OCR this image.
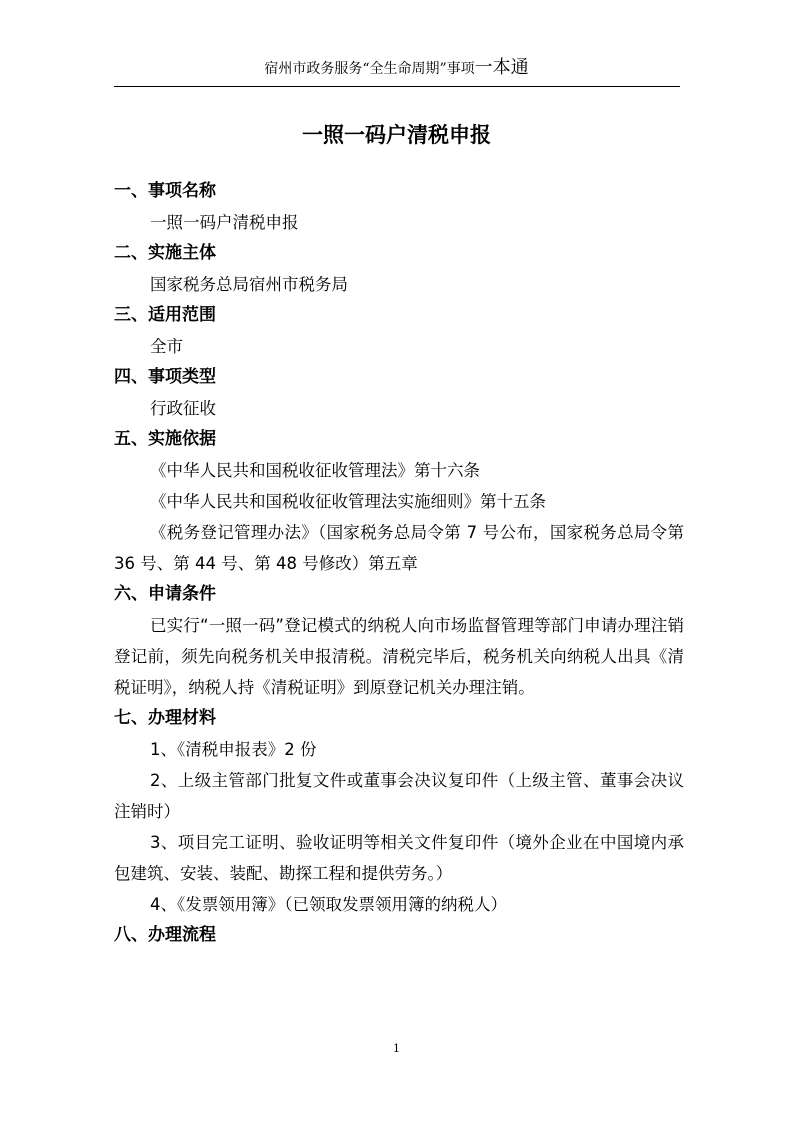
宿州市政务服务“全生命周期”事项一本通
一照一码户清税申报

一、事项名称

一照一码户清税申报

二、实施主体

国家税务总局宿州市税务局

三、适用范围

全市

四、事项类型

行政征收

五、实施依据

《中华人民共和国税收征收管理法》第十六条

《中华人民共和国税收征收管理法实施细则》第十五条

《税务登记管理办法》（国家税务总局令第 7 号公布，国家税务总局令第 36 号、第 44 号、第 48 号修改）第五章

六、申请条件

已实行“一照一码”登记模式的纳税人向市场监督管理等部门申请办理注销登记前，须先向税务机关申报清税。清税完毕后，税务机关向纳税人出具《清税证明》，纳税人持《清税证明》到原登记机关办理注销。

七、办理材料

1、《清税申报表》2 份

2、上级主管部门批复文件或董事会决议复印件（上级主管、董事会决议注销时）

3、项目完工证明、验收证明等相关文件复印件（境外企业在中国境内承包建筑、安装、装配、勘探工程和提供劳务。）

4、《发票领用簿》（已领取发票领用簿的纳税人）

八、办理流程

1
